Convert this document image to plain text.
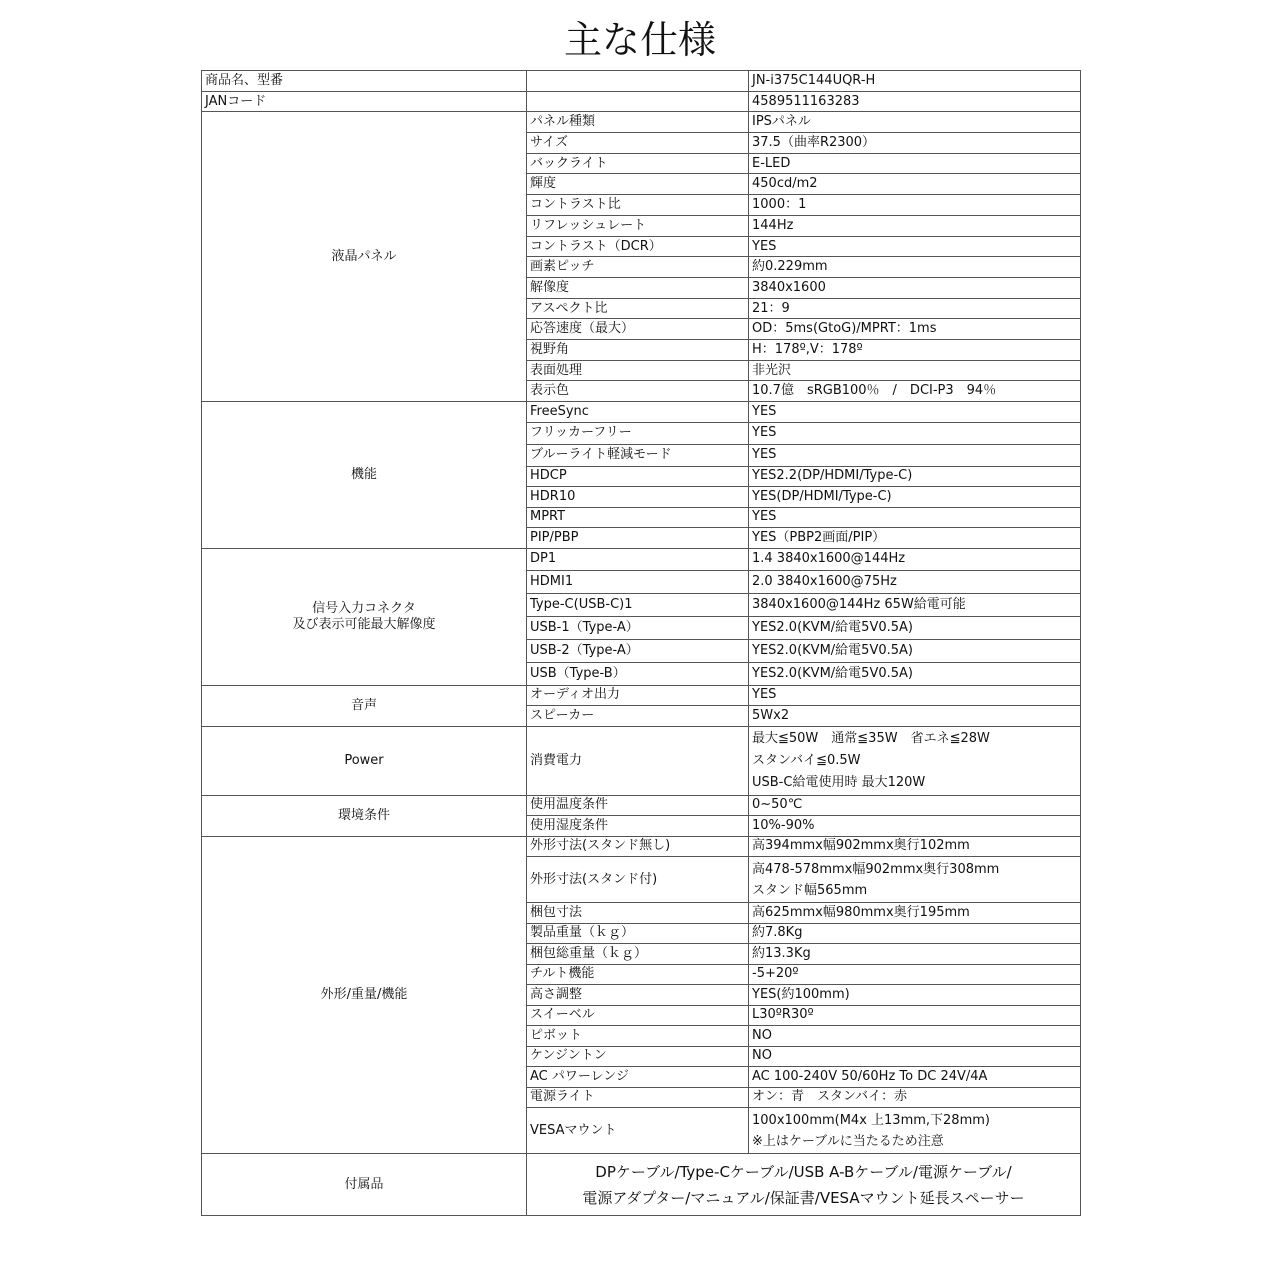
主な仕様
商品名、型番		JN-i375C144UQR-H
JANコード		4589511163283
液晶パネル	パネル種類	IPSパネル
	サイズ	37.5（曲率R2300）
	バックライト	E-LED
	輝度	450cd/m2
	コントラスト比	1000：1
	リフレッシュレート	144Hz
	コントラスト（DCR）	YES
	画素ピッチ	約0.229mm
	解像度	3840x1600
	アスペクト比	21：9
	応答速度（最大）	OD：5ms(GtoG)/MPRT：1ms
	視野角	H：178º,V：178º
	表面処理	非光沢
	表示色	10.7億　sRGB100％　/　DCI-P3　94％
機能	FreeSync	YES
	フリッカーフリー	YES
	ブルーライト軽減モード	YES
	HDCP	YES2.2(DP/HDMI/Type-C)
	HDR10	YES(DP/HDMI/Type-C)
	MPRT	YES
	PIP/PBP	YES（PBP2画面/PIP）

信号入力コネクタ
及び表示可能最大解像度	DP1	1.4 3840x1600@144Hz
	HDMI1	2.0 3840x1600@75Hz
	Type-C(USB-C)1	3840x1600@144Hz 65W給電可能
	USB-1（Type-A）	YES2.0(KVM/給電5V0.5A)
	USB-2（Type-A）	YES2.0(KVM/給電5V0.5A)
	USB（Type-B）	YES2.0(KVM/給電5V0.5A)
音声	オーディオ出力	YES
	スピーカー	5Wx2
Power	消費電力	最大≦50W　通常≦35W　省エネ≦28W
スタンバイ≦0.5W
USB-C給電使用時 最大120W

環境条件	使用温度条件	0~50℃
	使用湿度条件	10%-90%
外形/重量/機能	外形寸法(スタンド無し)	高394mmx幅902mmx奥行102mm
	外形寸法(スタンド付)	高478-578mmx幅902mmx奥行308mm
スタンド幅565mm

	梱包寸法	高625mmx幅980mmx奥行195mm
	製品重量（ｋｇ）	約7.8Kg
	梱包総重量（ｋｇ）	約13.3Kg
	チルト機能	-5+20º
	高さ調整	YES(約100mm)
	スイーベル	L30ºR30º
	ピボット	NO
	ケンジントン	NO
	AC パワーレンジ	AC 100-240V 50/60Hz To DC 24V/4A
	電源ライト	オン：青　スタンバイ：赤
	VESAマウント	100x100mm(M4x 上13mm,下28mm)
※上はケーブルに当たるため注意

付属品	DPケーブル/Type-Cケーブル/USB A-Bケーブル/電源ケーブル/
電源アダプター/マニュアル/保証書/VESAマウント延長スペーサー	
